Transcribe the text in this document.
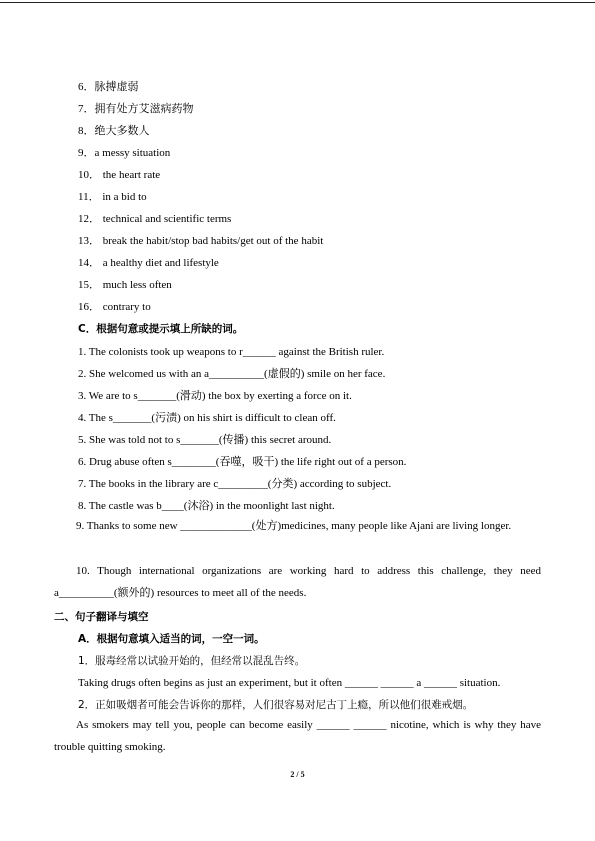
6．脉搏虚弱
7．拥有处方艾滋病药物
8．绝大多数人
9．a messy situation
10． the heart rate
11． in a bid to
12． technical and scientific terms
13． break the habit/stop bad habits/get out of the habit
14． a healthy diet and lifestyle
15． much less often
16． contrary to
C．根据句意或提示填上所缺的词。
1. The colonists took up weapons to r______ against the British ruler.
2. She welcomed us with an a__________(虚假的) smile on her face.
3. We are to s_______(滑动) the box by exerting a force on it.
4. The s_______(污渍) on his shirt is difficult to clean off.
5. She was told not to s_______(传播) this secret around.
6. Drug abuse often s________(吞噬，吸干) the life right out of a person.
7. The books in the library are c_________(分类) according to subject.
8. The castle was b____(沐浴) in the moonlight last night.

9. Thanks to some new _____________(处方)medicines, many people like Ajani are living longer.

10. Though international organizations are working hard to address this challenge, they need a__________(额外的) resources to meet all of the needs.

二、句子翻译与填空
A．根据句意填入适当的词，一空一词。
1．服毒经常以试验开始的，但经常以混乱告终。
Taking drugs often begins as just an experiment, but it often ______ ______ a ______ situation.
2．正如吸烟者可能会告诉你的那样，人们很容易对尼古丁上瘾，所以他们很难戒烟。

As smokers may tell you, people can become easily ______ ______ nicotine, which is why they have trouble quitting smoking.

2 / 5
